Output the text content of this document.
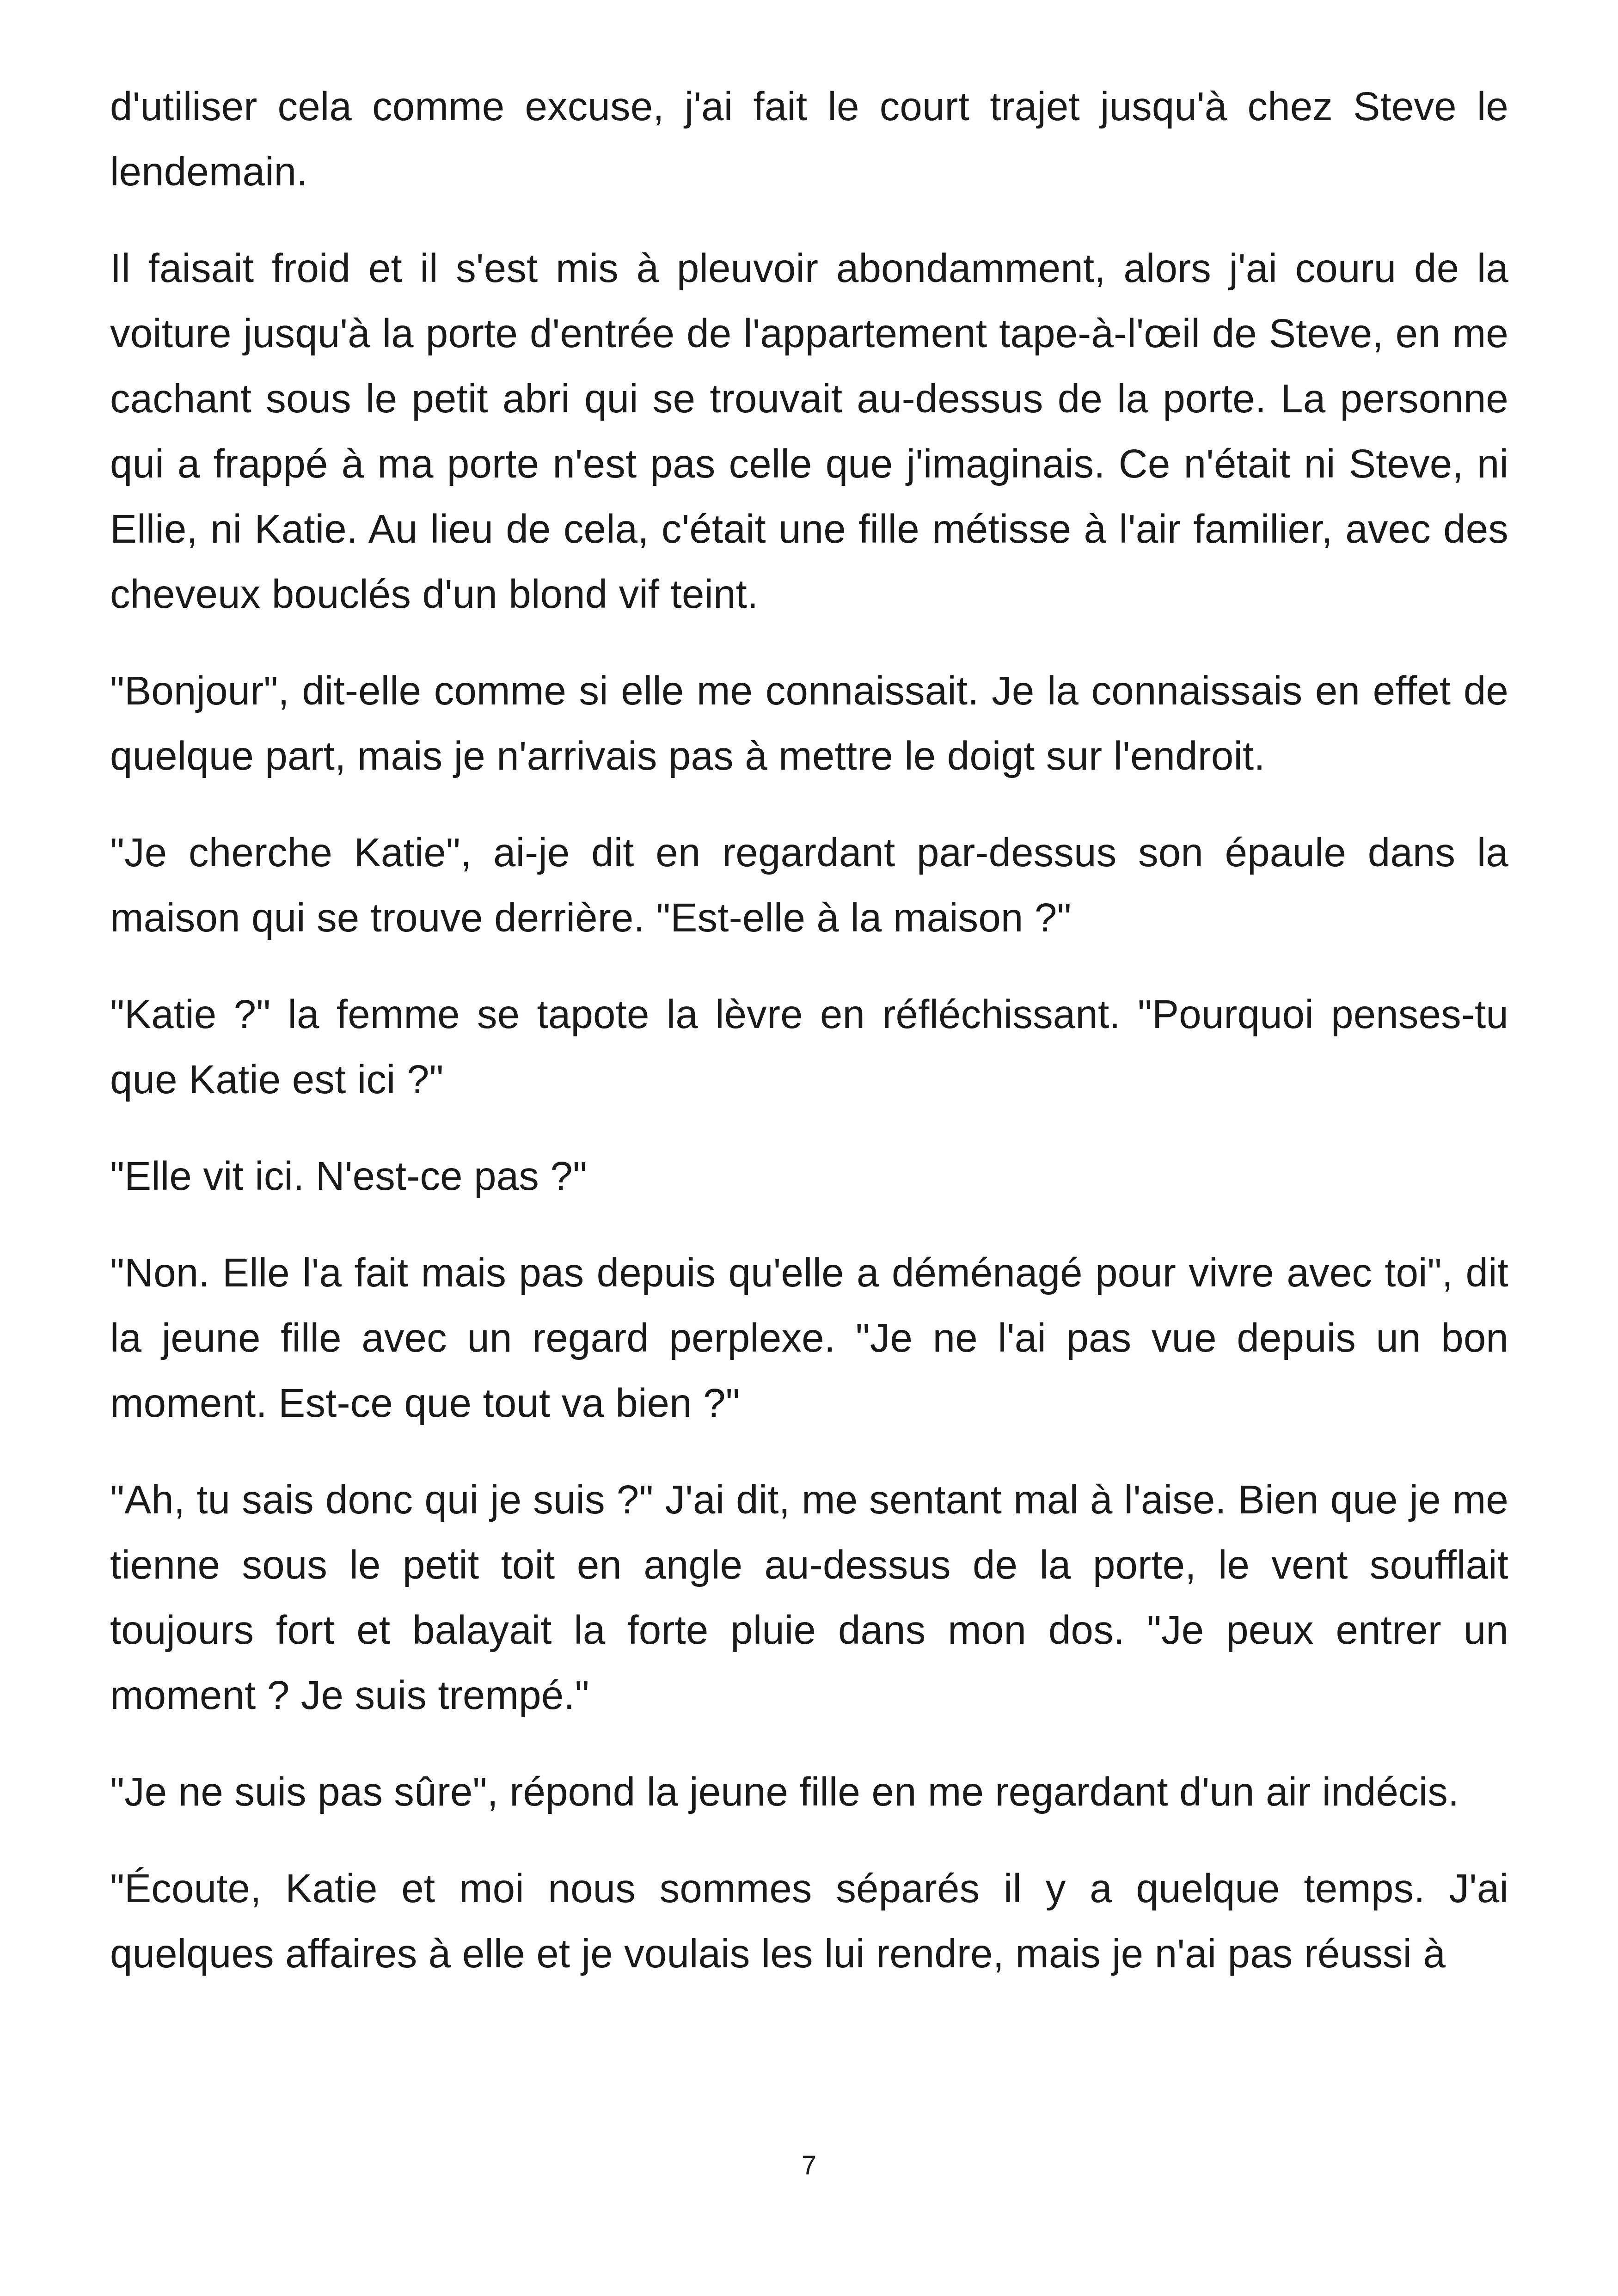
d'utiliser cela comme excuse, j'ai fait le court trajet jusqu'à chez Steve le lendemain.

Il faisait froid et il s'est mis à pleuvoir abondamment, alors j'ai couru de la voiture jusqu'à la porte d'entrée de l'appartement tape-à-l'œil de Steve, en me cachant sous le petit abri qui se trouvait au-dessus de la porte. La personne qui a frappé à ma porte n'est pas celle que j'imaginais. Ce n'était ni Steve, ni Ellie, ni Katie. Au lieu de cela, c'était une fille métisse à l'air familier, avec des cheveux bouclés d'un blond vif teint.

"Bonjour", dit-elle comme si elle me connaissait. Je la connaissais en effet de quelque part, mais je n'arrivais pas à mettre le doigt sur l'endroit.

"Je cherche Katie", ai-je dit en regardant par-dessus son épaule dans la maison qui se trouve derrière. "Est-elle à la maison ?"

"Katie ?" la femme se tapote la lèvre en réfléchissant. "Pourquoi penses-tu que Katie est ici ?"

"Elle vit ici. N'est-ce pas ?"

"Non. Elle l'a fait mais pas depuis qu'elle a déménagé pour vivre avec toi", dit la jeune fille avec un regard perplexe. "Je ne l'ai pas vue depuis un bon moment. Est-ce que tout va bien ?"

"Ah, tu sais donc qui je suis ?" J'ai dit, me sentant mal à l'aise. Bien que je me tienne sous le petit toit en angle au-dessus de la porte, le vent soufflait toujours fort et balayait la forte pluie dans mon dos. "Je peux entrer un moment ? Je suis trempé."

"Je ne suis pas sûre", répond la jeune fille en me regardant d'un air indécis.

"Écoute, Katie et moi nous sommes séparés il y a quelque temps. J'ai quelques affaires à elle et je voulais les lui rendre, mais je n'ai pas réussi à

7
